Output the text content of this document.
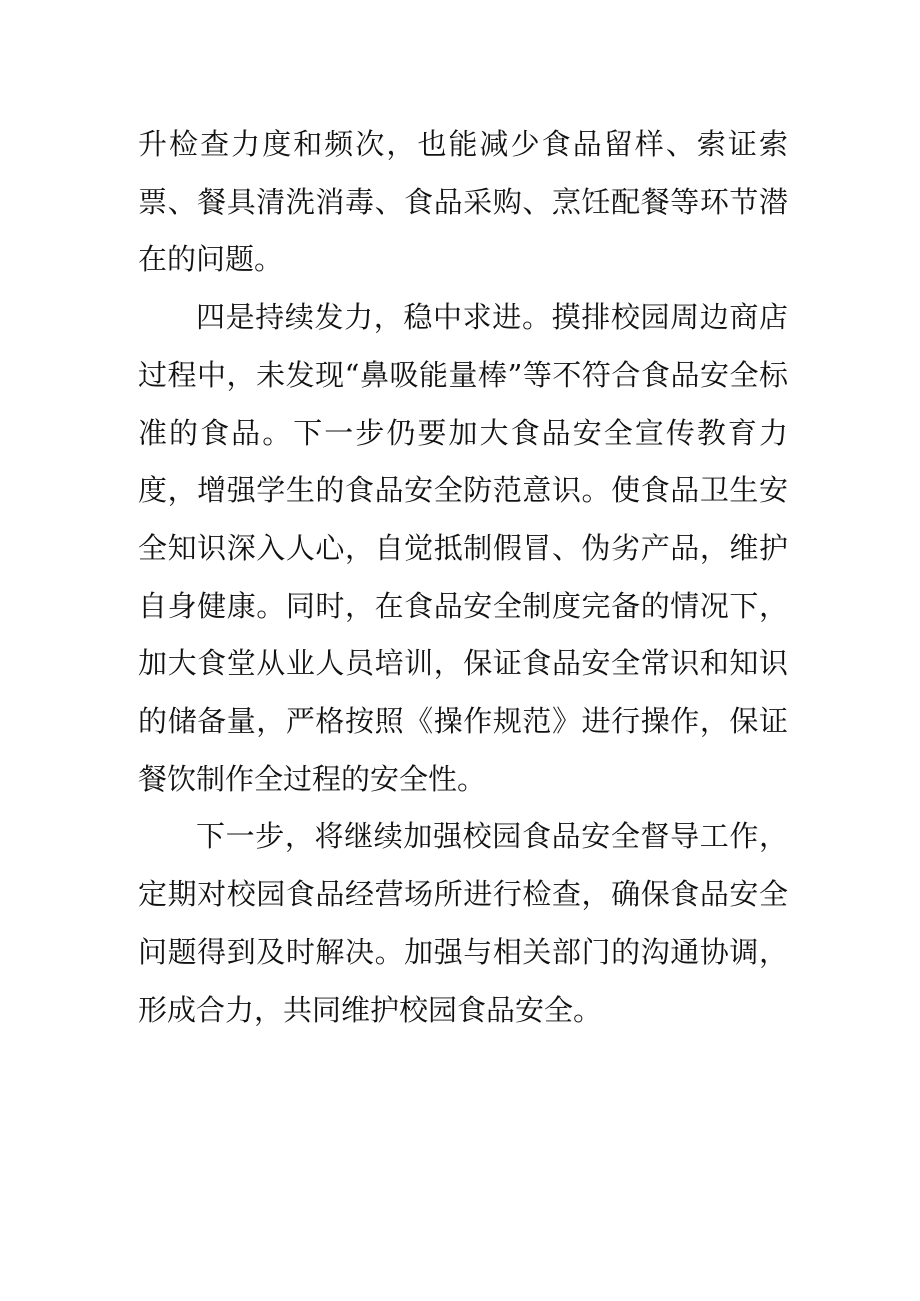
升检查力度和频次，也能减少食品留样、索证索票、餐具清洗消毒、食品采购、烹饪配餐等环节潜在的问题。

四是持续发力，稳中求进。摸排校园周边商店过程中，未发现“鼻吸能量棒”等不符合食品安全标准的食品。下一步仍要加大食品安全宣传教育力度，增强学生的食品安全防范意识。使食品卫生安全知识深入人心，自觉抵制假冒、伪劣产品，维护自身健康。同时，在食品安全制度完备的情况下，加大食堂从业人员培训，保证食品安全常识和知识的储备量，严格按照《操作规范》进行操作，保证餐饮制作全过程的安全性。

下一步，将继续加强校园食品安全督导工作，定期对校园食品经营场所进行检查，确保食品安全问题得到及时解决。加强与相关部门的沟通协调，形成合力，共同维护校园食品安全。
